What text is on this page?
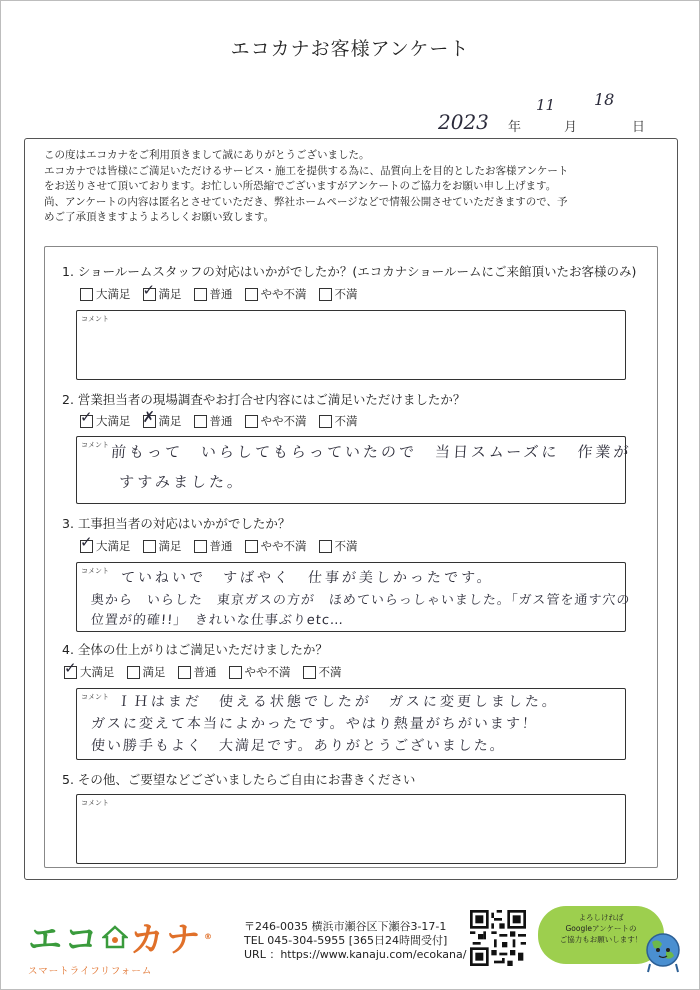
エコカナお客様アンケート
2023 年
11
月
18
日
この度はエコカナをご利用頂きまして誠にありがとうございました。
エコカナでは皆様にご満足いただけるサービス・施工を提供する為に、品質向上を目的としたお客様アンケート
をお送りさせて頂いております。お忙しい所恐縮でございますがアンケートのご協力をお願い申し上げます。
尚、アンケートの内容は匿名とさせていただき、弊社ホームページなどで情報公開させていただきますので、予
めご了承頂きますようよろしくお願い致します。
1. ショールームスタッフの対応はいかがでしたか？(エコカナショールームにご来館頂いたお客様のみ)
大満足 ✓ 満足 普通 やや不満 不満
コメント
2. 営業担当者の現場調査やお打合せ内容にはご満足いただけましたか？
✓ 大満足 ✗ 満足 普通 やや不満 不満
コメント 前もって　いらしてもらっていたので　当日スムーズに　作業が
すすみました。
3. 工事担当者の対応はいかがでしたか？
✓ 大満足 満足 普通 やや不満 不満
コメント ていねいで　すばやく　仕事が美しかったです。
奥から　いらした　東京ガスの方が　ほめていらっしゃいました。「ガス管を通す穴の
位置が的確!!」　きれいな仕事ぶりetc…
4. 全体の仕上がりはご満足いただけましたか？
✓ 大満足 満足 普通 やや不満 不満
コメント ＩＨはまだ　使える状態でしたが　ガスに変更しました。
ガスに変えて本当によかったです。やはり熱量がちがいます！
使い勝手もよく　大満足です。ありがとうございました。
5. その他、ご要望などございましたらご自由にお書きください
コメント
エコ カナ ®
スマートライフリフォーム
〒246-0035 横浜市瀬谷区下瀬谷3-17-1
TEL 045-304-5955 [365日24時間受付]
URL ：https://www.kanaju.com/ecokana/
よろしければ
Googleアンケートの
ご協力もお願いします！
